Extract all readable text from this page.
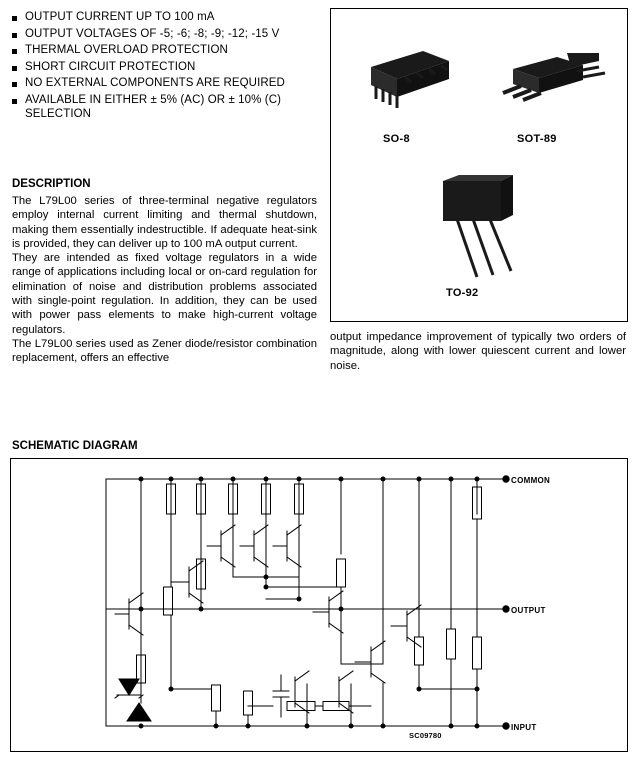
OUTPUT CURRENT UP TO 100 mA
OUTPUT VOLTAGES OF -5; -6; -8; -9; -12; -15 V
THERMAL OVERLOAD PROTECTION
SHORT CIRCUIT PROTECTION
NO EXTERNAL COMPONENTS ARE REQUIRED
AVAILABLE IN EITHER ± 5% (AC) OR ± 10% (C) SELECTION
DESCRIPTION

The L79L00 series of three-terminal negative regulators employ internal current limiting and thermal shutdown, making them essentially indestructible. If adequate heat-sink is provided, they can deliver up to 100 mA output current.

They are intended as fixed voltage regulators in a wide range of applications including local or on-card regulation for elimination of noise and distribution problems associated with single-point regulation. In addition, they can be used with power pass elements to make high-current voltage regulators.

The L79L00 series used as Zener diode/resistor combination replacement, offers an effective

SO-8	SOT-89
TO-92
output impedance improvement of typically two orders of magnitude, along with lower quiescent current and lower noise.
SCHEMATIC DIAGRAM
COMMON
OUTPUT
INPUT
SC09780
